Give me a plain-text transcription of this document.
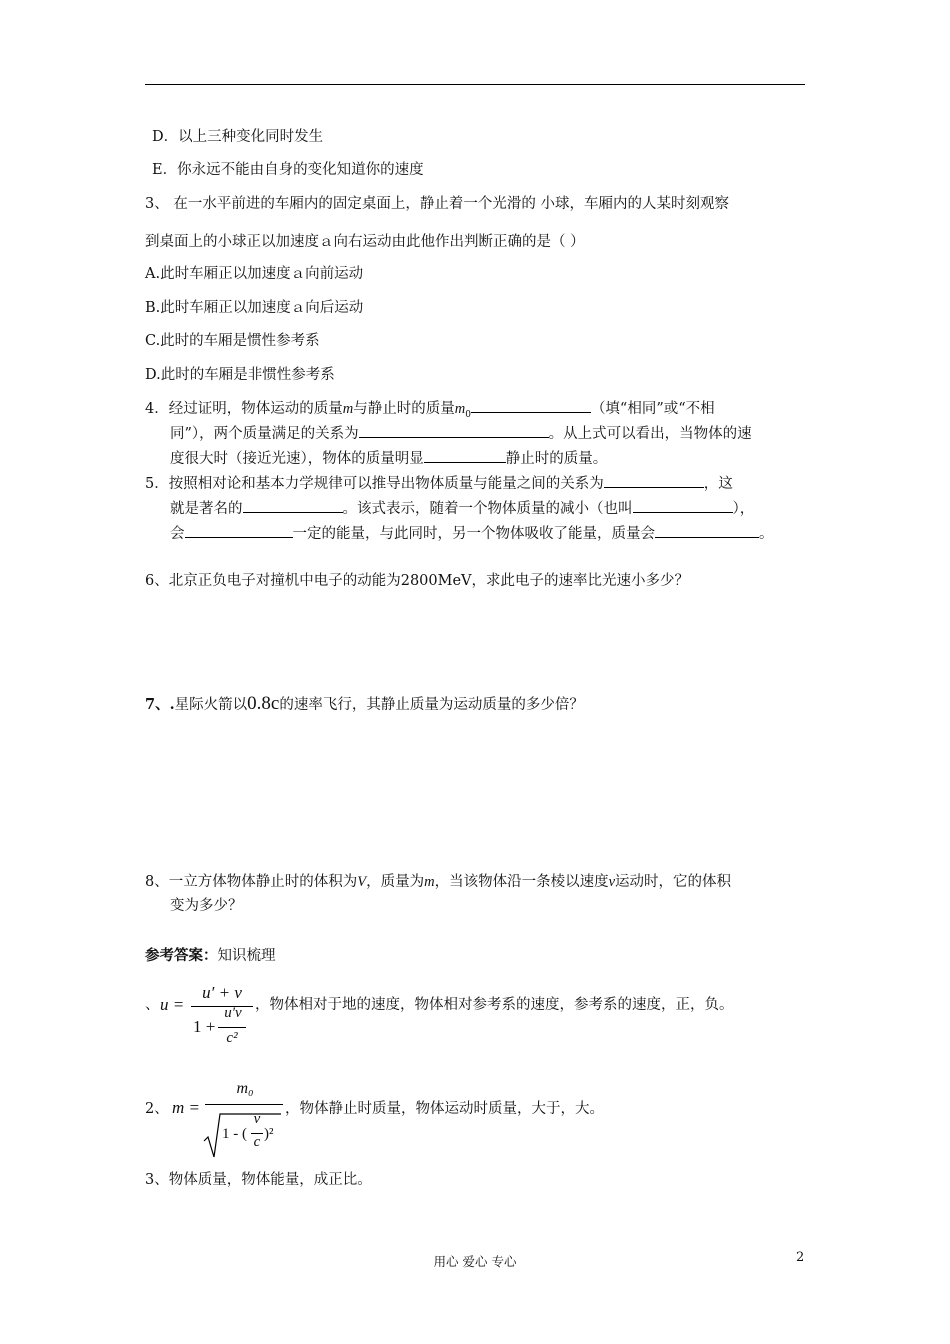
D．以上三种变化同时发生
E．你永远不能由自身的变化知道你的速度
3、 在一水平前进的车厢内的固定桌面上，静止着一个光滑的 小球，车厢内的人某时刻观察
到桌面上的小球正以加速度ａ向右运动由此他作出判断正确的是（ ）
A.此时车厢正以加速度ａ向前运动
B.此时车厢正以加速度ａ向后运动
C.此时的车厢是惯性参考系
D.此时的车厢是非惯性参考系
4．经过证明，物体运动的质量m与静止时的质量$m_0$	（填“相同”或“不相
同”），两个质量满足的关系为	。从上式可以看出，当物体的速
度很大时（接近光速），物体的质量明显	静止时的质量。
5．按照相对论和基本力学规律可以推导出物体质量与能量之间的关系为	，这
就是著名的	。该式表示，随着一个物体质量的减小（也叫	），
会	一定的能量，与此同时，另一个物体吸收了能量，质量会	。
6、北京正负电子对撞机中电子的动能为2800MeV，求此电子的速率比光速小多少？
7、.星际火箭以0.8c的速率飞行，其静止质量为运动质量的多少倍？
8、一立方体物体静止时的体积为V，质量为m，当该物体沿一条棱以速度v运动时，它的体积
变为多少？
参考答案：知识梳理
、 u =
u′ + v
1 +
u′v
c²
，物体相对于地的速度，物体相对参考系的速度，参考系的速度，正，负。
2、 m =
m₀
1 - (
v
c )²
，物体静止时质量，物体运动时质量，大于，大。
3、物体质量，物体能量，成正比。
用心 爱心 专心	2
